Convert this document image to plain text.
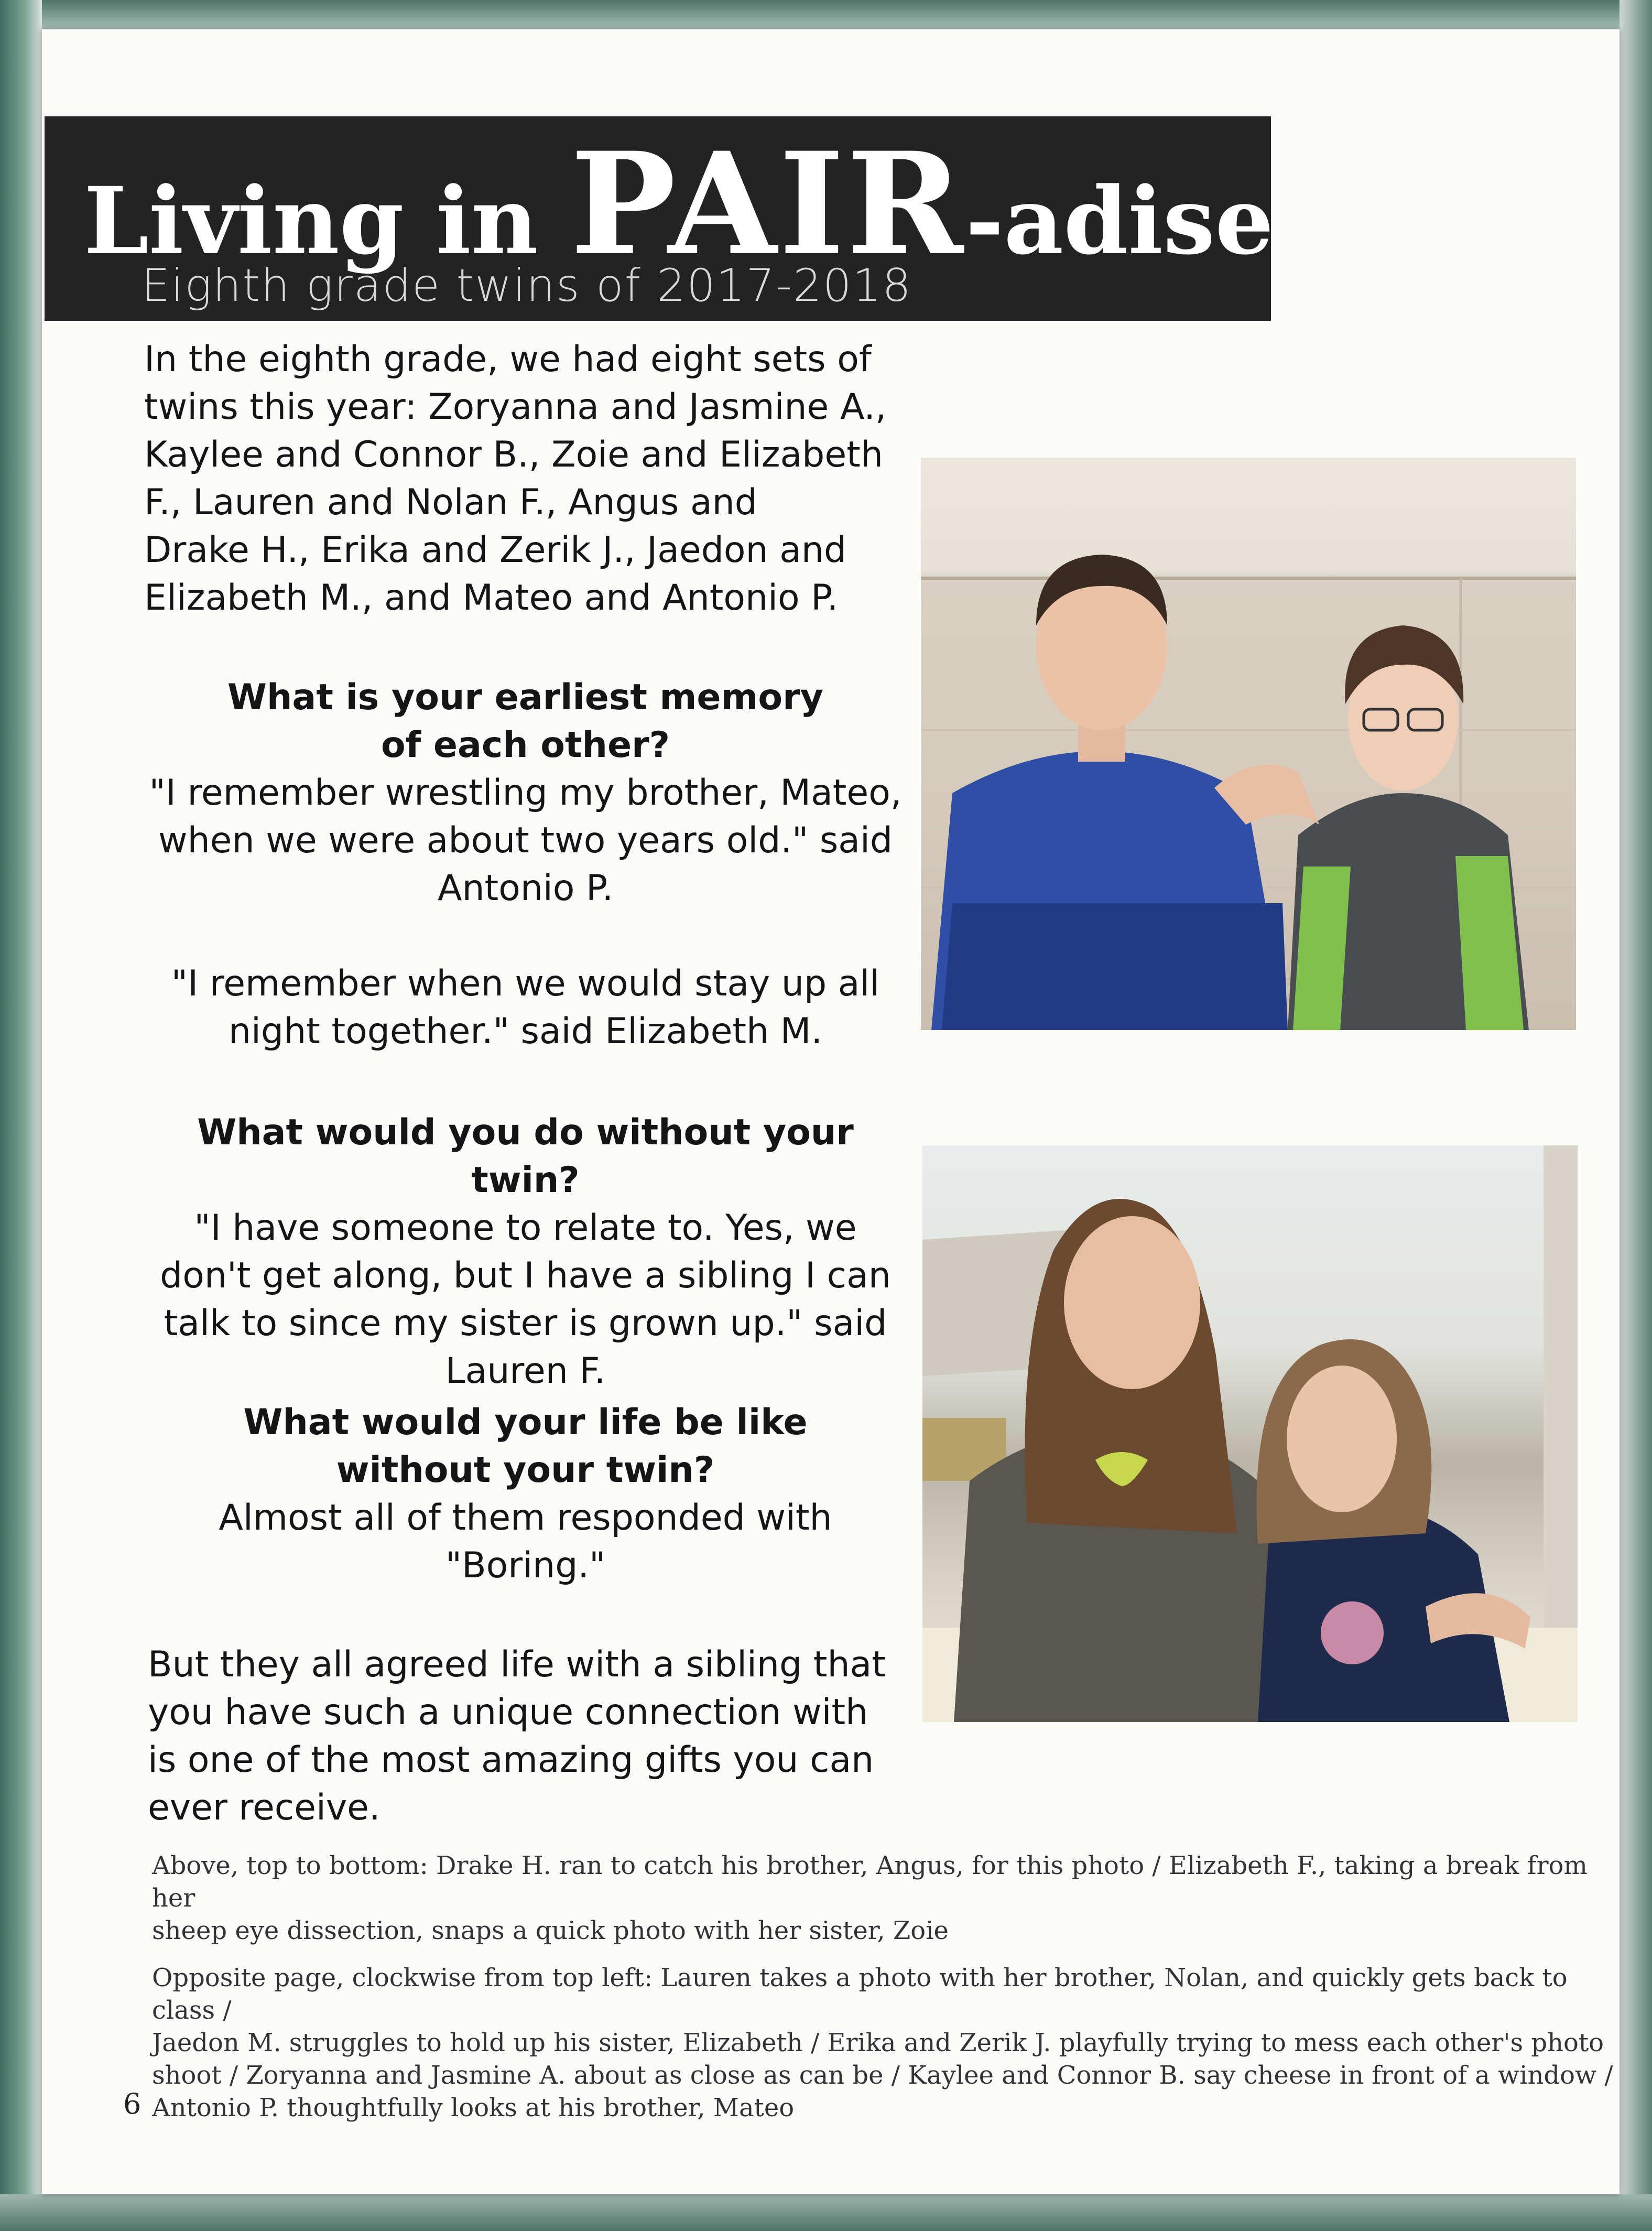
Living in PAIR-adise
Eighth grade twins of 2017-2018
In the eighth grade, we had eight sets of
twins this year: Zoryanna and Jasmine A.,
Kaylee and Connor B., Zoie and Elizabeth
F., Lauren and Nolan F., Angus and
Drake H., Erika and Zerik J., Jaedon and
Elizabeth M., and Mateo and Antonio P.
What is your earliest memory
of each other?
"I remember wrestling my brother, Mateo,
when we were about two years old." said
Antonio P.
"I remember when we would stay up all
night together." said Elizabeth M.
What would you do without your twin?
"I have someone to relate to. Yes, we
don't get along, but I have a sibling I can
talk to since my sister is grown up." said
Lauren F.
What would your life be like
without your twin?
Almost all of them responded with
"Boring."
But they all agreed life with a sibling that
you have such a unique connection with
is one of the most amazing gifts you can
ever receive.
Above, top to bottom: Drake H. ran to catch his brother, Angus, for this photo / Elizabeth F., taking a break from her
sheep eye dissection, snaps a quick photo with her sister, Zoie
Opposite page, clockwise from top left: Lauren takes a photo with her brother, Nolan, and quickly gets back to class /
Jaedon M. struggles to hold up his sister, Elizabeth / Erika and Zerik J. playfully trying to mess each other's photo
shoot / Zoryanna and Jasmine A. about as close as can be / Kaylee and Connor B. say cheese in front of a window /
Antonio P. thoughtfully looks at his brother, Mateo
6
